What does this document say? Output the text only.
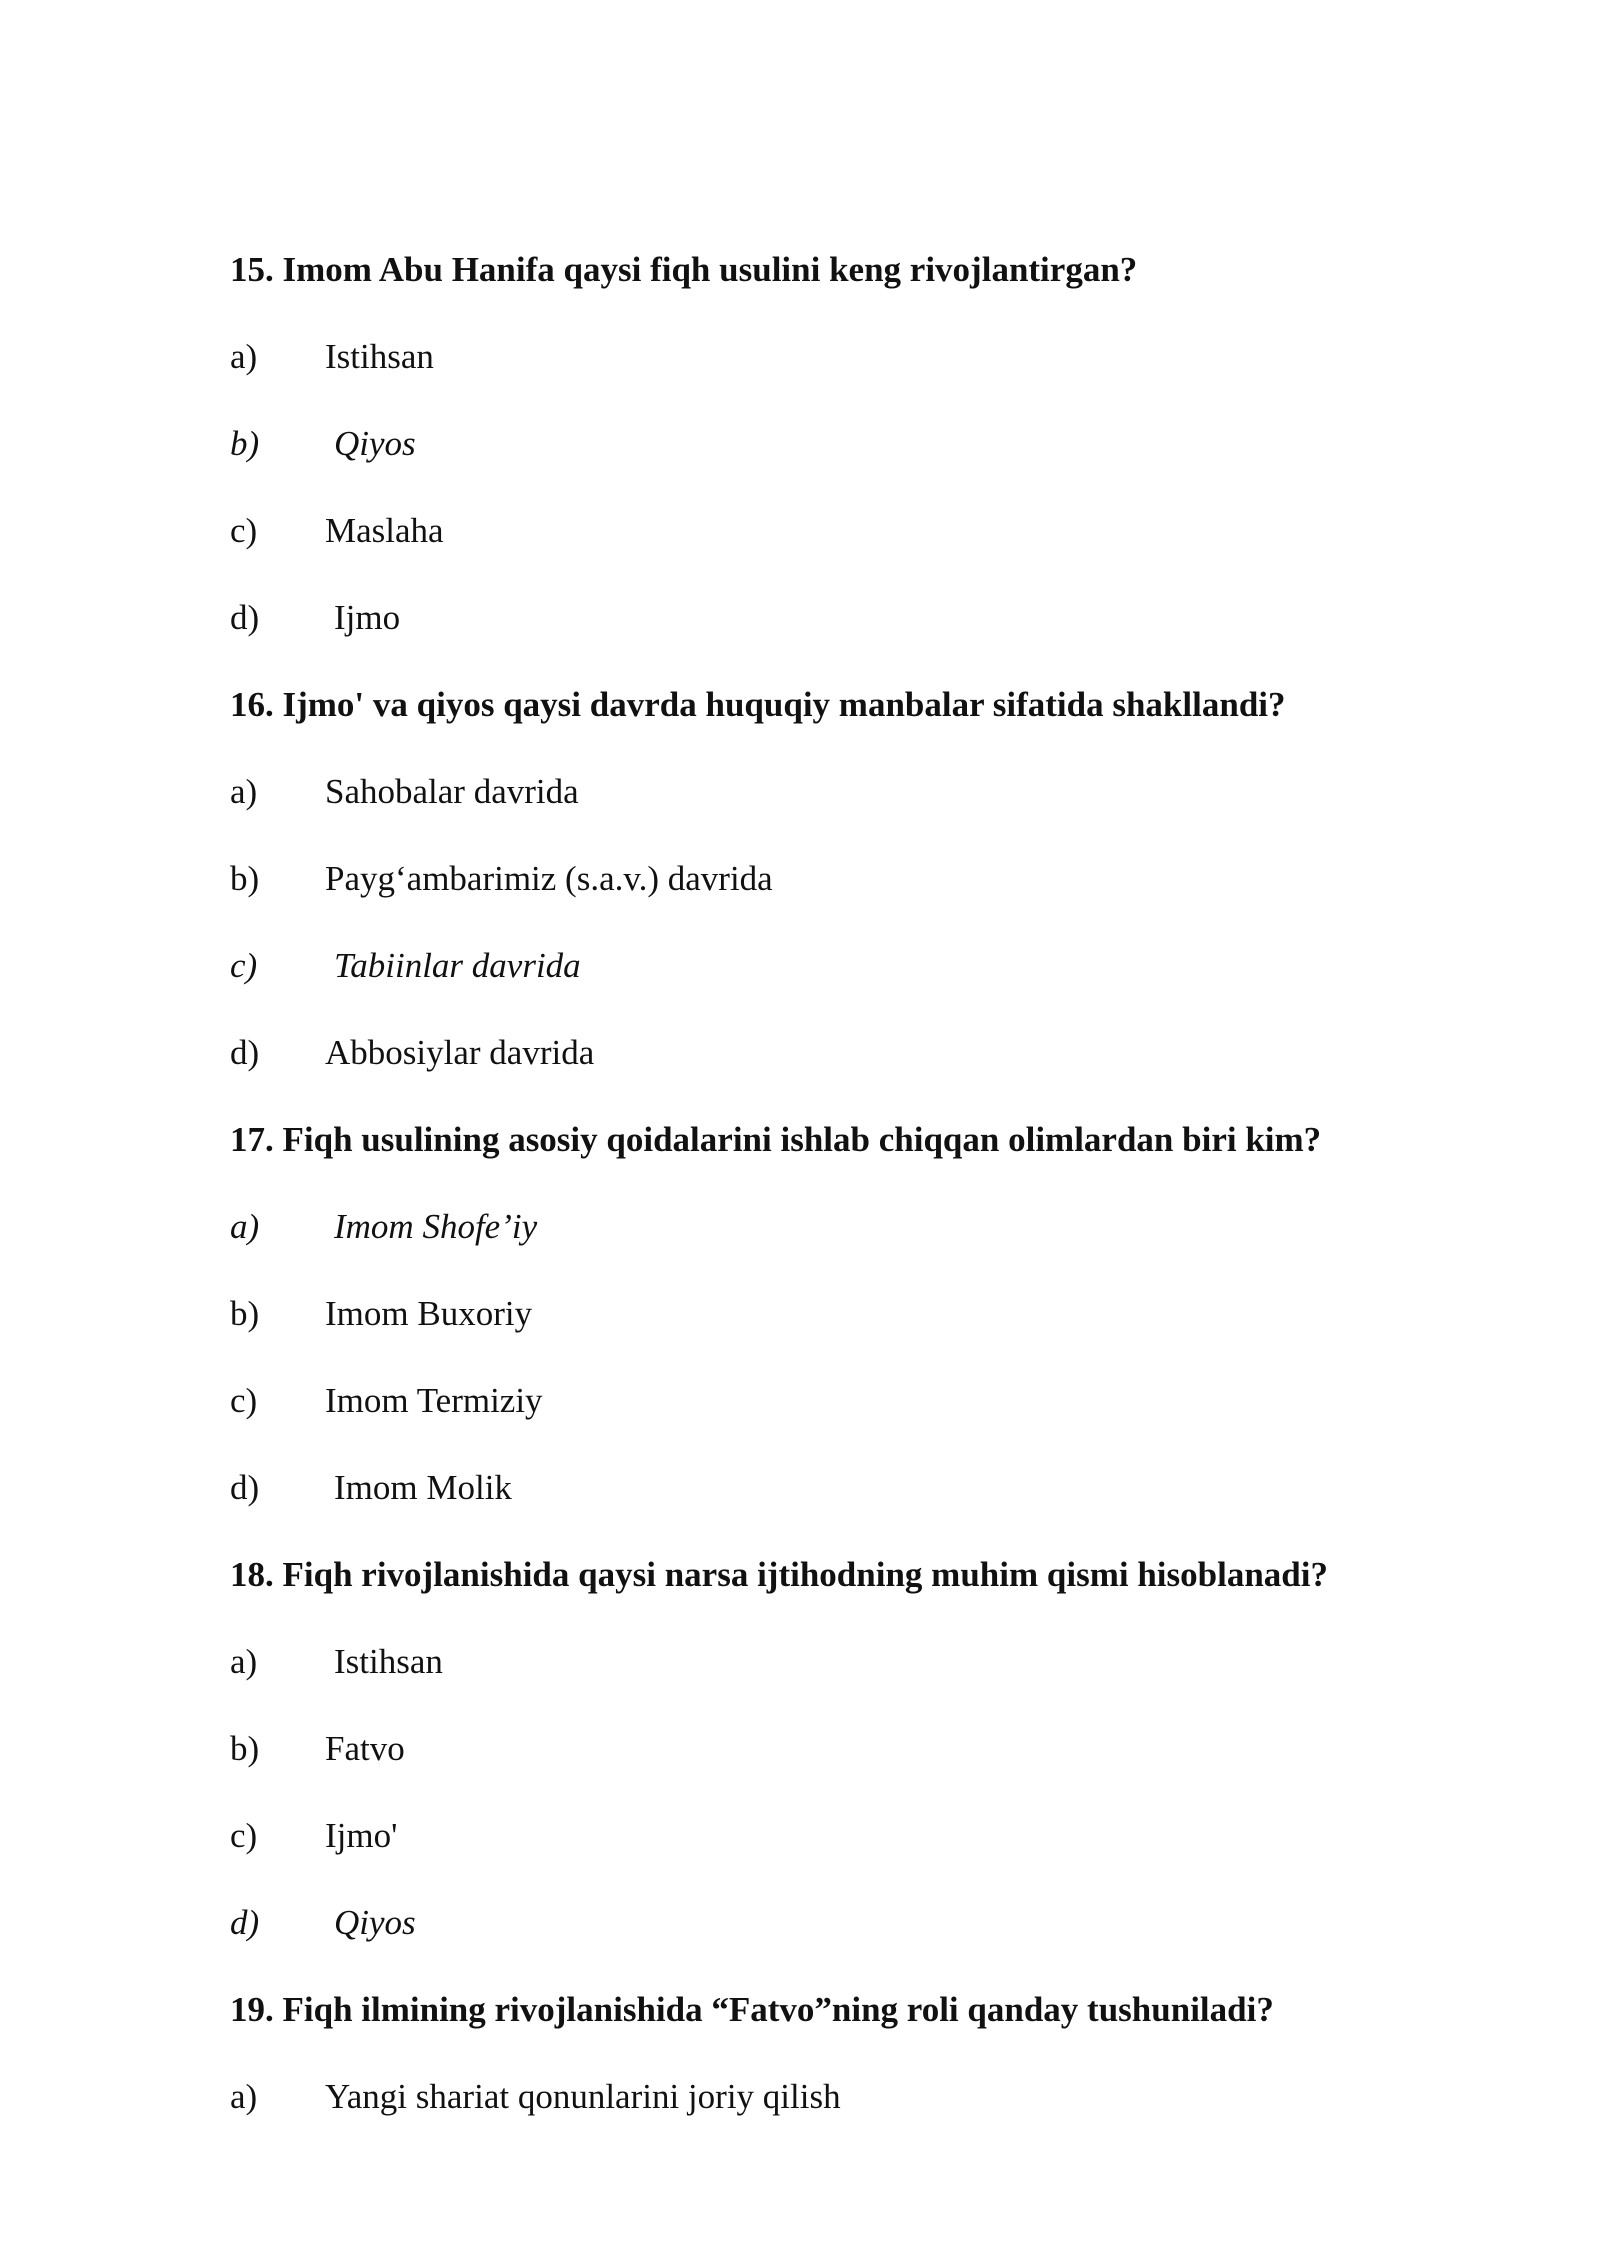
15. Imom Abu Hanifa qaysi fiqh usulini keng rivojlantirgan?
a)	Istihsan
b)	Qiyos
c)	Maslaha
d)	Ijmo
16. Ijmo' va qiyos qaysi davrda huquqiy manbalar sifatida shakllandi?
a)	Sahobalar davrida
b)	Payg‘ambarimiz (s.a.v.) davrida
c)	Tabiinlar davrida
d)	Abbosiylar davrida
17. Fiqh usulining asosiy qoidalarini ishlab chiqqan olimlardan biri kim?
a)	Imom Shofe’iy
b)	Imom Buxoriy
c)	Imom Termiziy
d)	Imom Molik
18. Fiqh rivojlanishida qaysi narsa ijtihodning muhim qismi hisoblanadi?
a)	Istihsan
b)	Fatvo
c)	Ijmo'
d)	Qiyos
19. Fiqh ilmining rivojlanishida “Fatvo”ning roli qanday tushuniladi?
a)	Yangi shariat qonunlarini joriy qilish
